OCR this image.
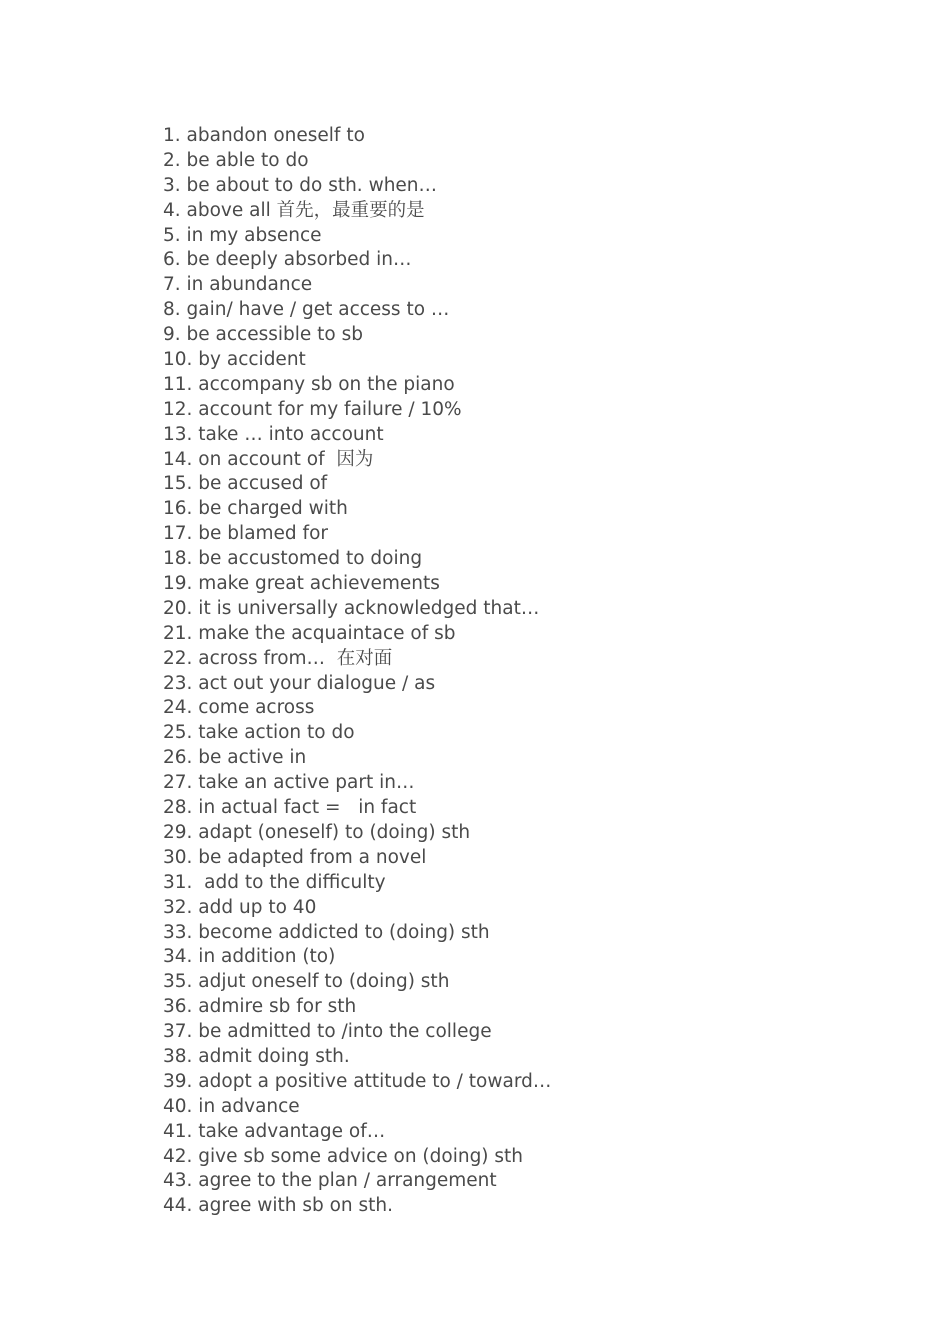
1. abandon oneself to
2. be able to do
3. be about to do sth. when…
4. above all 首先，最重要的是
5. in my absence
6. be deeply absorbed in…
7. in abundance
8. gain/ have / get access to …
9. be accessible to sb
10. by accident
11. accompany sb on the piano
12. account for my failure / 10%
13. take … into account
14. on account of  因为
15. be accused of
16. be charged with
17. be blamed for
18. be accustomed to doing
19. make great achievements
20. it is universally acknowledged that…
21. make the acquaintace of sb
22. across from…  在对面
23. act out your dialogue / as
24. come across
25. take action to do
26. be active in
27. take an active part in…
28. in actual fact =   in fact
29. adapt (oneself) to (doing) sth
30. be adapted from a novel
31.  add to the difficulty
32. add up to 40
33. become addicted to (doing) sth
34. in addition (to)
35. adjut oneself to (doing) sth
36. admire sb for sth
37. be admitted to /into the college
38. admit doing sth.
39. adopt a positive attitude to / toward…
40. in advance
41. take advantage of…
42. give sb some advice on (doing) sth
43. agree to the plan / arrangement
44. agree with sb on sth.
